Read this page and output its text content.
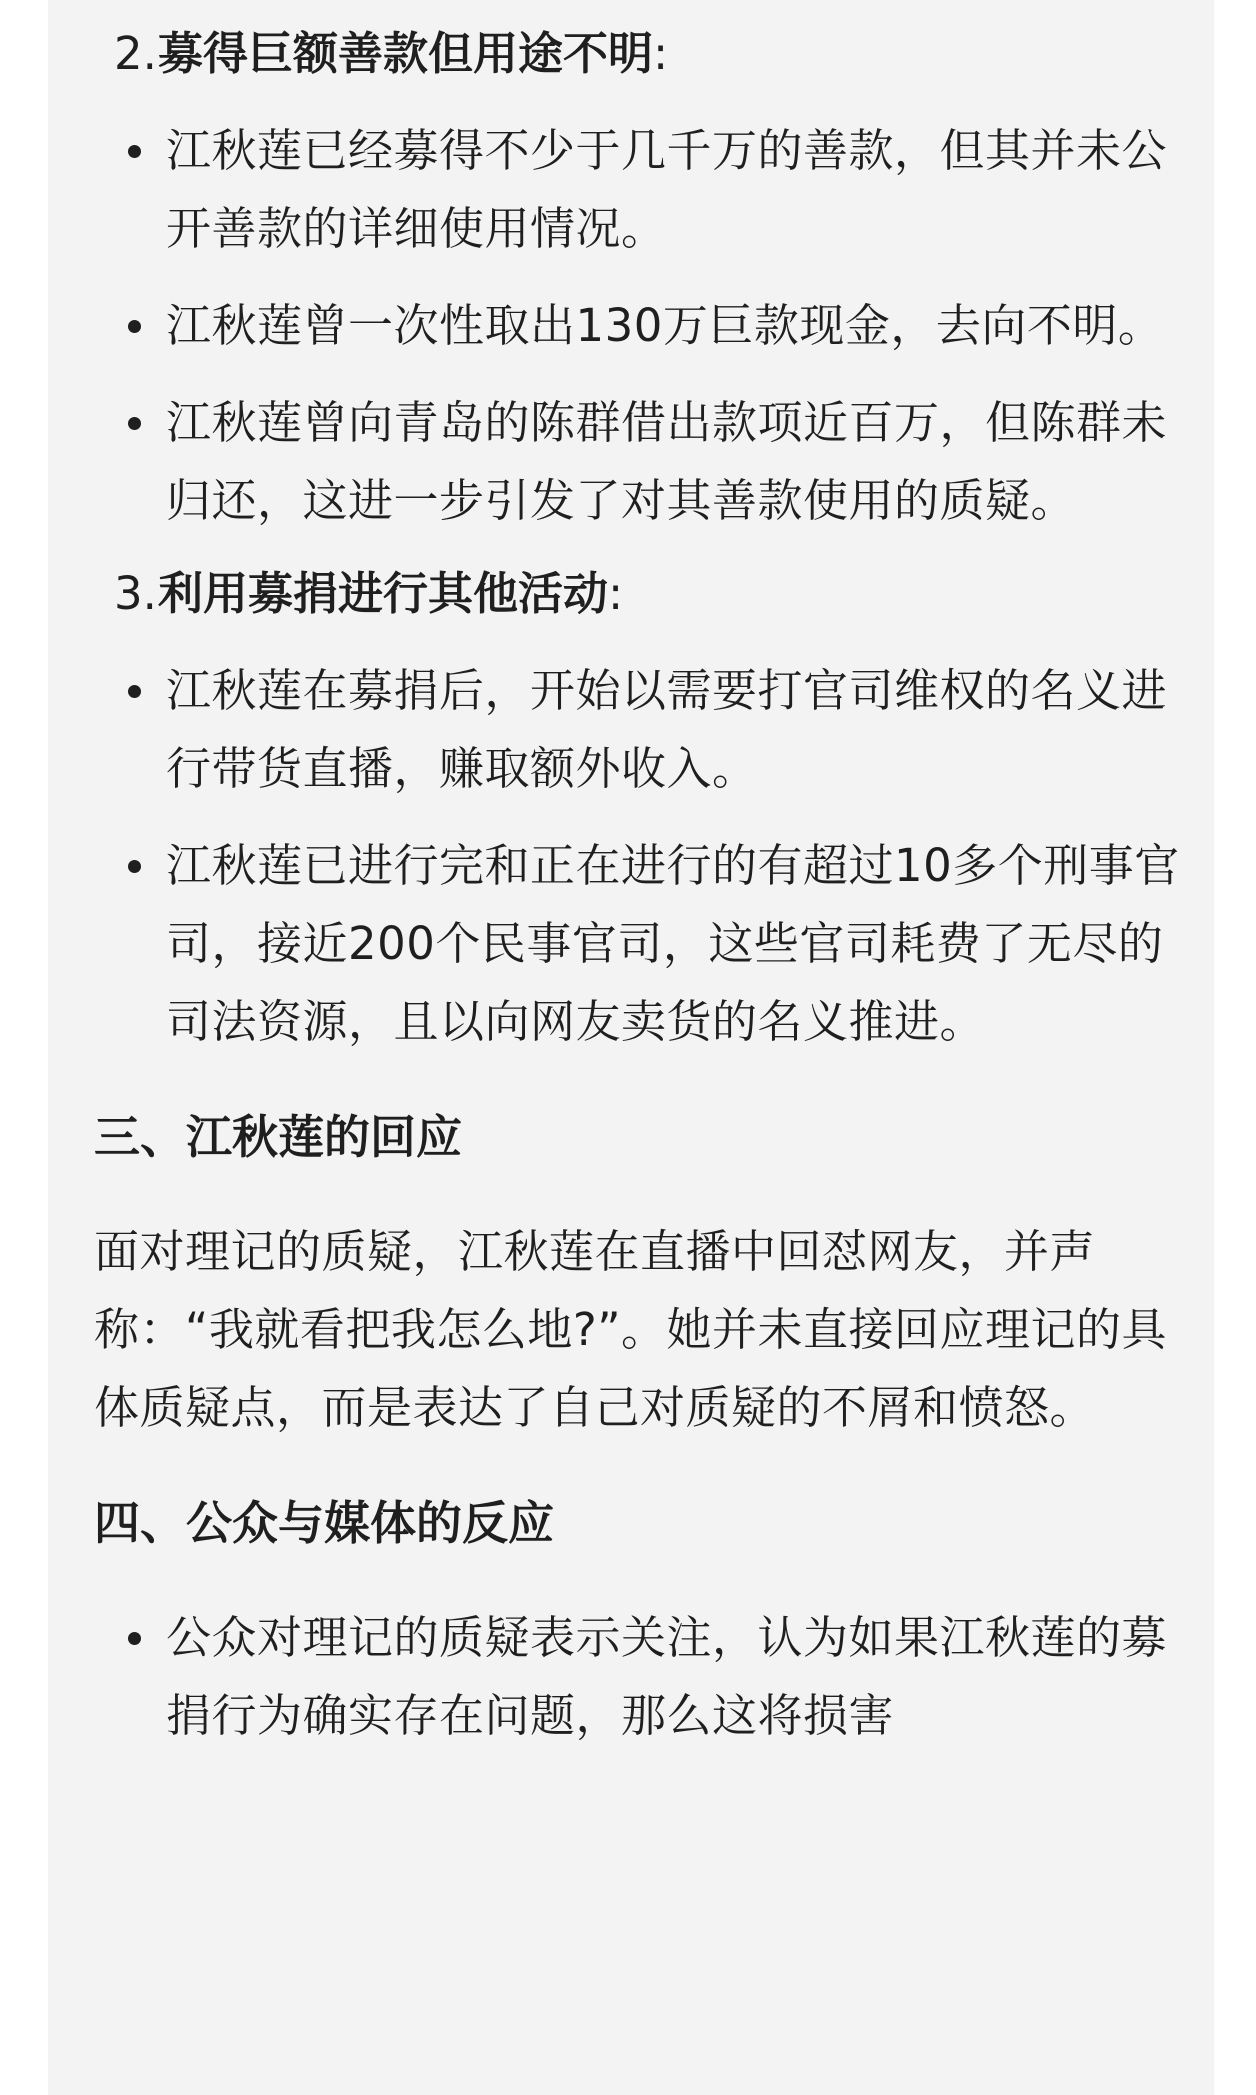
2. 募得巨额善款但用途不明:
江秋莲已经募得不少于几千万的善款，但其并未公开善款的详细使用情况。
江秋莲曾一次性取出130万巨款现金，去向不明。
江秋莲曾向青岛的陈群借出款项近百万，但陈群未归还，这进一步引发了对其善款使用的质疑。
3. 利用募捐进行其他活动:
江秋莲在募捐后，开始以需要打官司维权的名义进行带货直播，赚取额外收入。
江秋莲已进行完和正在进行的有超过10多个刑事官司，接近200个民事官司，这些官司耗费了无尽的司法资源，且以向网友卖货的名义推进。
三、江秋莲的回应

面对理记的质疑，江秋莲在直播中回怼网友，并声称：“我就看把我怎么地?”。她并未直接回应理记的具体质疑点，而是表达了自己对质疑的不屑和愤怒。

四、公众与媒体的反应
公众对理记的质疑表示关注，认为如果江秋莲的募捐行为确实存在问题，那么这将损害
